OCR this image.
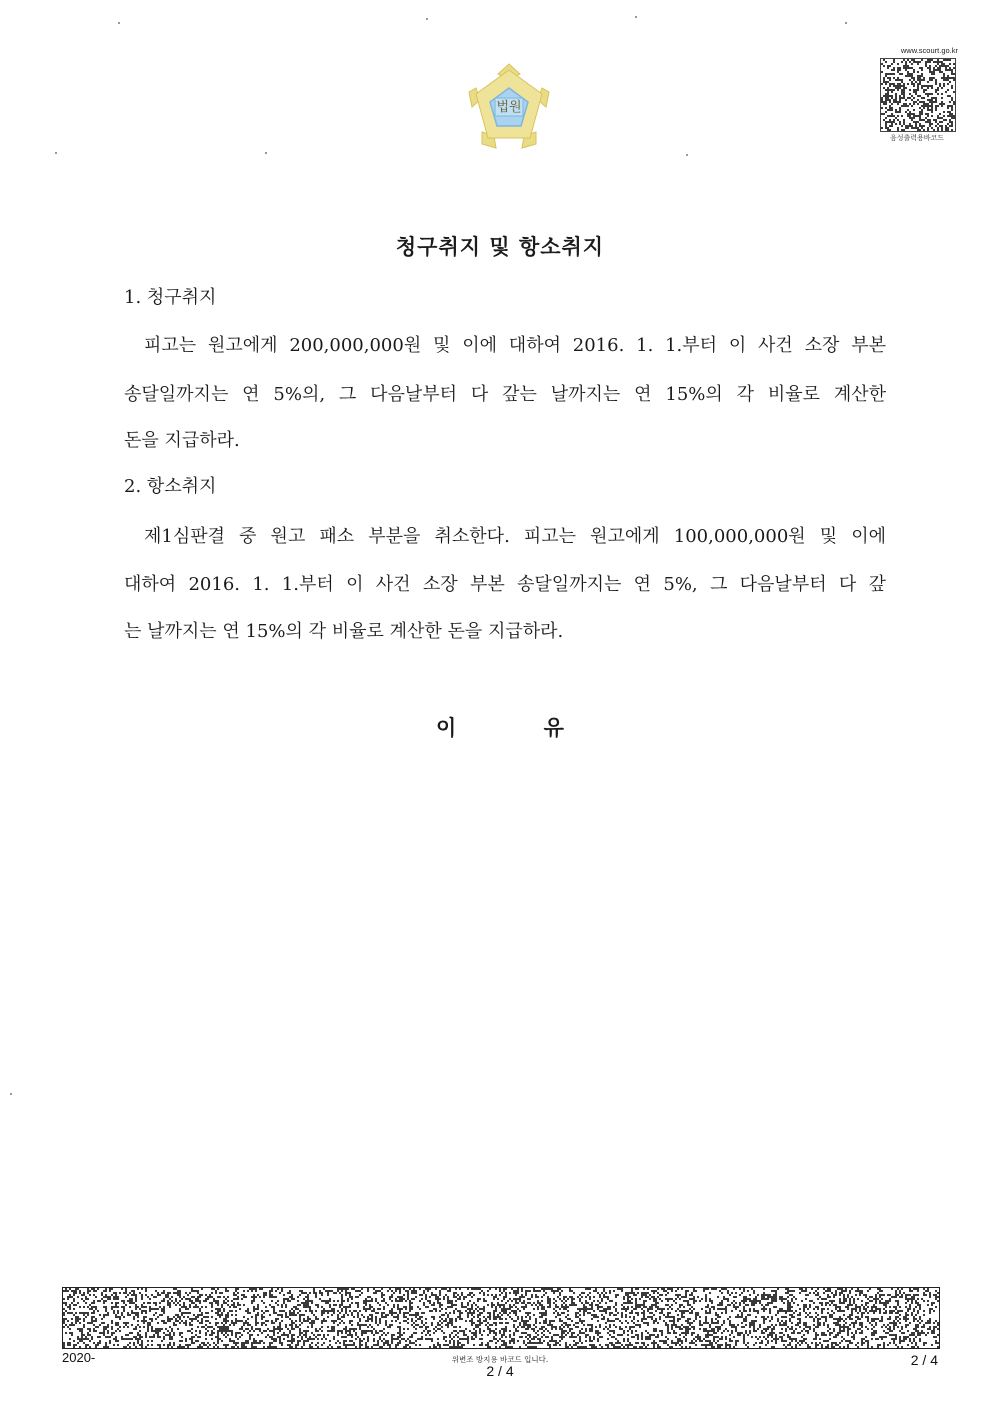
법원
www.scourt.go.kr
음성출력용바코드
청구취지 및 항소취지
1. 청구취지
피고는 원고에게 200,000,000원 및 이에 대하여 2016. 1. 1.부터 이 사건 소장 부본
송달일까지는 연 5%의, 그 다음날부터 다 갚는 날까지는 연 15%의 각 비율로 계산한
돈을 지급하라.
2. 항소취지
제1심판결 중 원고 패소 부분을 취소한다. 피고는 원고에게 100,000,000원 및 이에
대하여 2016. 1. 1.부터 이 사건 소장 부본 송달일까지는 연 5%, 그 다음날부터 다 갚
는 날까지는 연 15%의 각 비율로 계산한 돈을 지급하라.
이	유
2020-	위변조 방지용 바코드 입니다.
2 / 4
2 / 4
